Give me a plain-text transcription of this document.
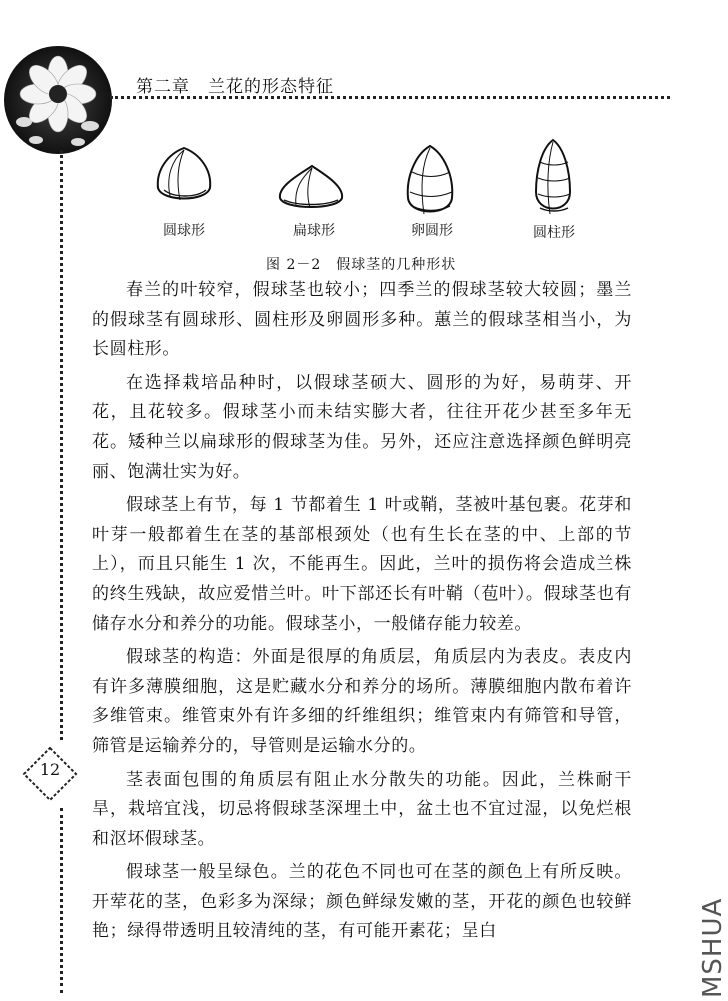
第二章　兰花的形态特征
圆球形	扁球形	卵圆形	圆柱形
图 2－2　假球茎的几种形状

春兰的叶较窄，假球茎也较小；四季兰的假球茎较大较圆；墨兰的假球茎有圆球形、圆柱形及卵圆形多种。蕙兰的假球茎相当小，为长圆柱形。

在选择栽培品种时，以假球茎硕大、圆形的为好，易萌芽、开花，且花较多。假球茎小而未结实膨大者，往往开花少甚至多年无花。矮种兰以扁球形的假球茎为佳。另外，还应注意选择颜色鲜明亮丽、饱满壮实为好。

假球茎上有节，每 1 节都着生 1 叶或鞘，茎被叶基包裹。花芽和叶芽一般都着生在茎的基部根颈处（也有生长在茎的中、上部的节上），而且只能生 1 次，不能再生。因此，兰叶的损伤将会造成兰株的终生残缺，故应爱惜兰叶。叶下部还长有叶鞘（苞叶）。假球茎也有储存水分和养分的功能。假球茎小，一般储存能力较差。

假球茎的构造：外面是很厚的角质层，角质层内为表皮。表皮内有许多薄膜细胞，这是贮藏水分和养分的场所。薄膜细胞内散布着许多维管束。维管束外有许多细的纤维组织；维管束内有筛管和导管，筛管是运输养分的，导管则是运输水分的。

茎表面包围的角质层有阻止水分散失的功能。因此，兰株耐干旱，栽培宜浅，切忌将假球茎深埋土中，盆土也不宜过湿，以免烂根和沤坏假球茎。

假球茎一般呈绿色。兰的花色不同也可在茎的颜色上有所反映。开荤花的茎，色彩多为深绿；颜色鲜绿发嫩的茎，开花的颜色也较鲜艳；绿得带透明且较清纯的茎，有可能开素花；呈白

12
MSHUA
